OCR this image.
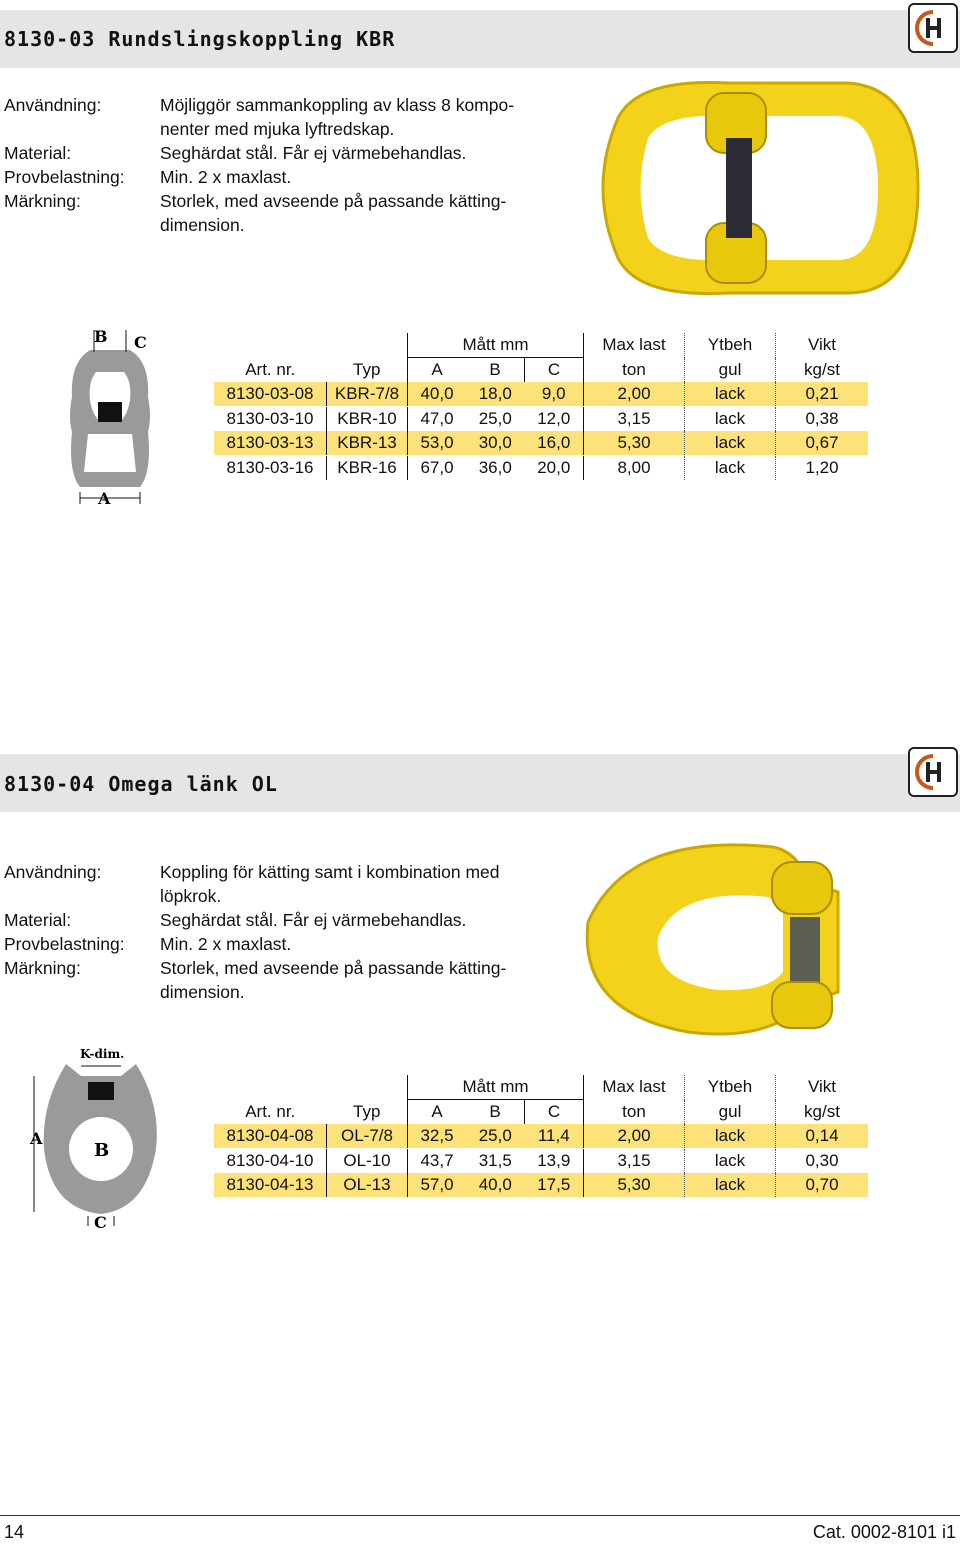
8130-03 Rundslingskoppling KBR
Användning:	Möjliggör sammankoppling av klass 8 kompo-nenter med mjuka lyftredskap.
Material:	Seghärdat stål. Får ej värmebehandlas.
Provbelastning:	Min. 2 x maxlast.
Märkning:	Storlek, med avseende på passande kätting-dimension.
B C
A
		Mått mm			Max last	Ytbeh	Vikt
Art. nr.	Typ	A	B	C	ton	gul	kg/st
8130-03-08	KBR-7/8	40,0	18,0	9,0	2,00	lack	0,21

8130-03-10	KBR-10	47,0	25,0	12,0	3,15	lack	0,38
8130-03-13	KBR-13	53,0	30,0	16,0	5,30	lack	0,67

8130-03-16	KBR-16	67,0	36,0	20,0	8,00	lack	1,20
8130-04 Omega länk OL
Användning:	Koppling för kätting samt i kombination med löpkrok.
Material:	Seghärdat stål. Får ej värmebehandlas.
Provbelastning:	Min. 2 x maxlast.
Märkning:	Storlek, med avseende på passande kätting-dimension.
K-dim.
A
B
C
		Mått mm			Max last	Ytbeh	Vikt
Art. nr.	Typ	A	B	C	ton	gul	kg/st
8130-04-08	OL-7/8	32,5	25,0	11,4	2,00	lack	0,14

8130-04-10	OL-10	43,7	31,5	13,9	3,15	lack	0,30
8130-04-13	OL-13	57,0	40,0	17,5	5,30	lack	0,70
14	Cat. 0002-8101 i1
